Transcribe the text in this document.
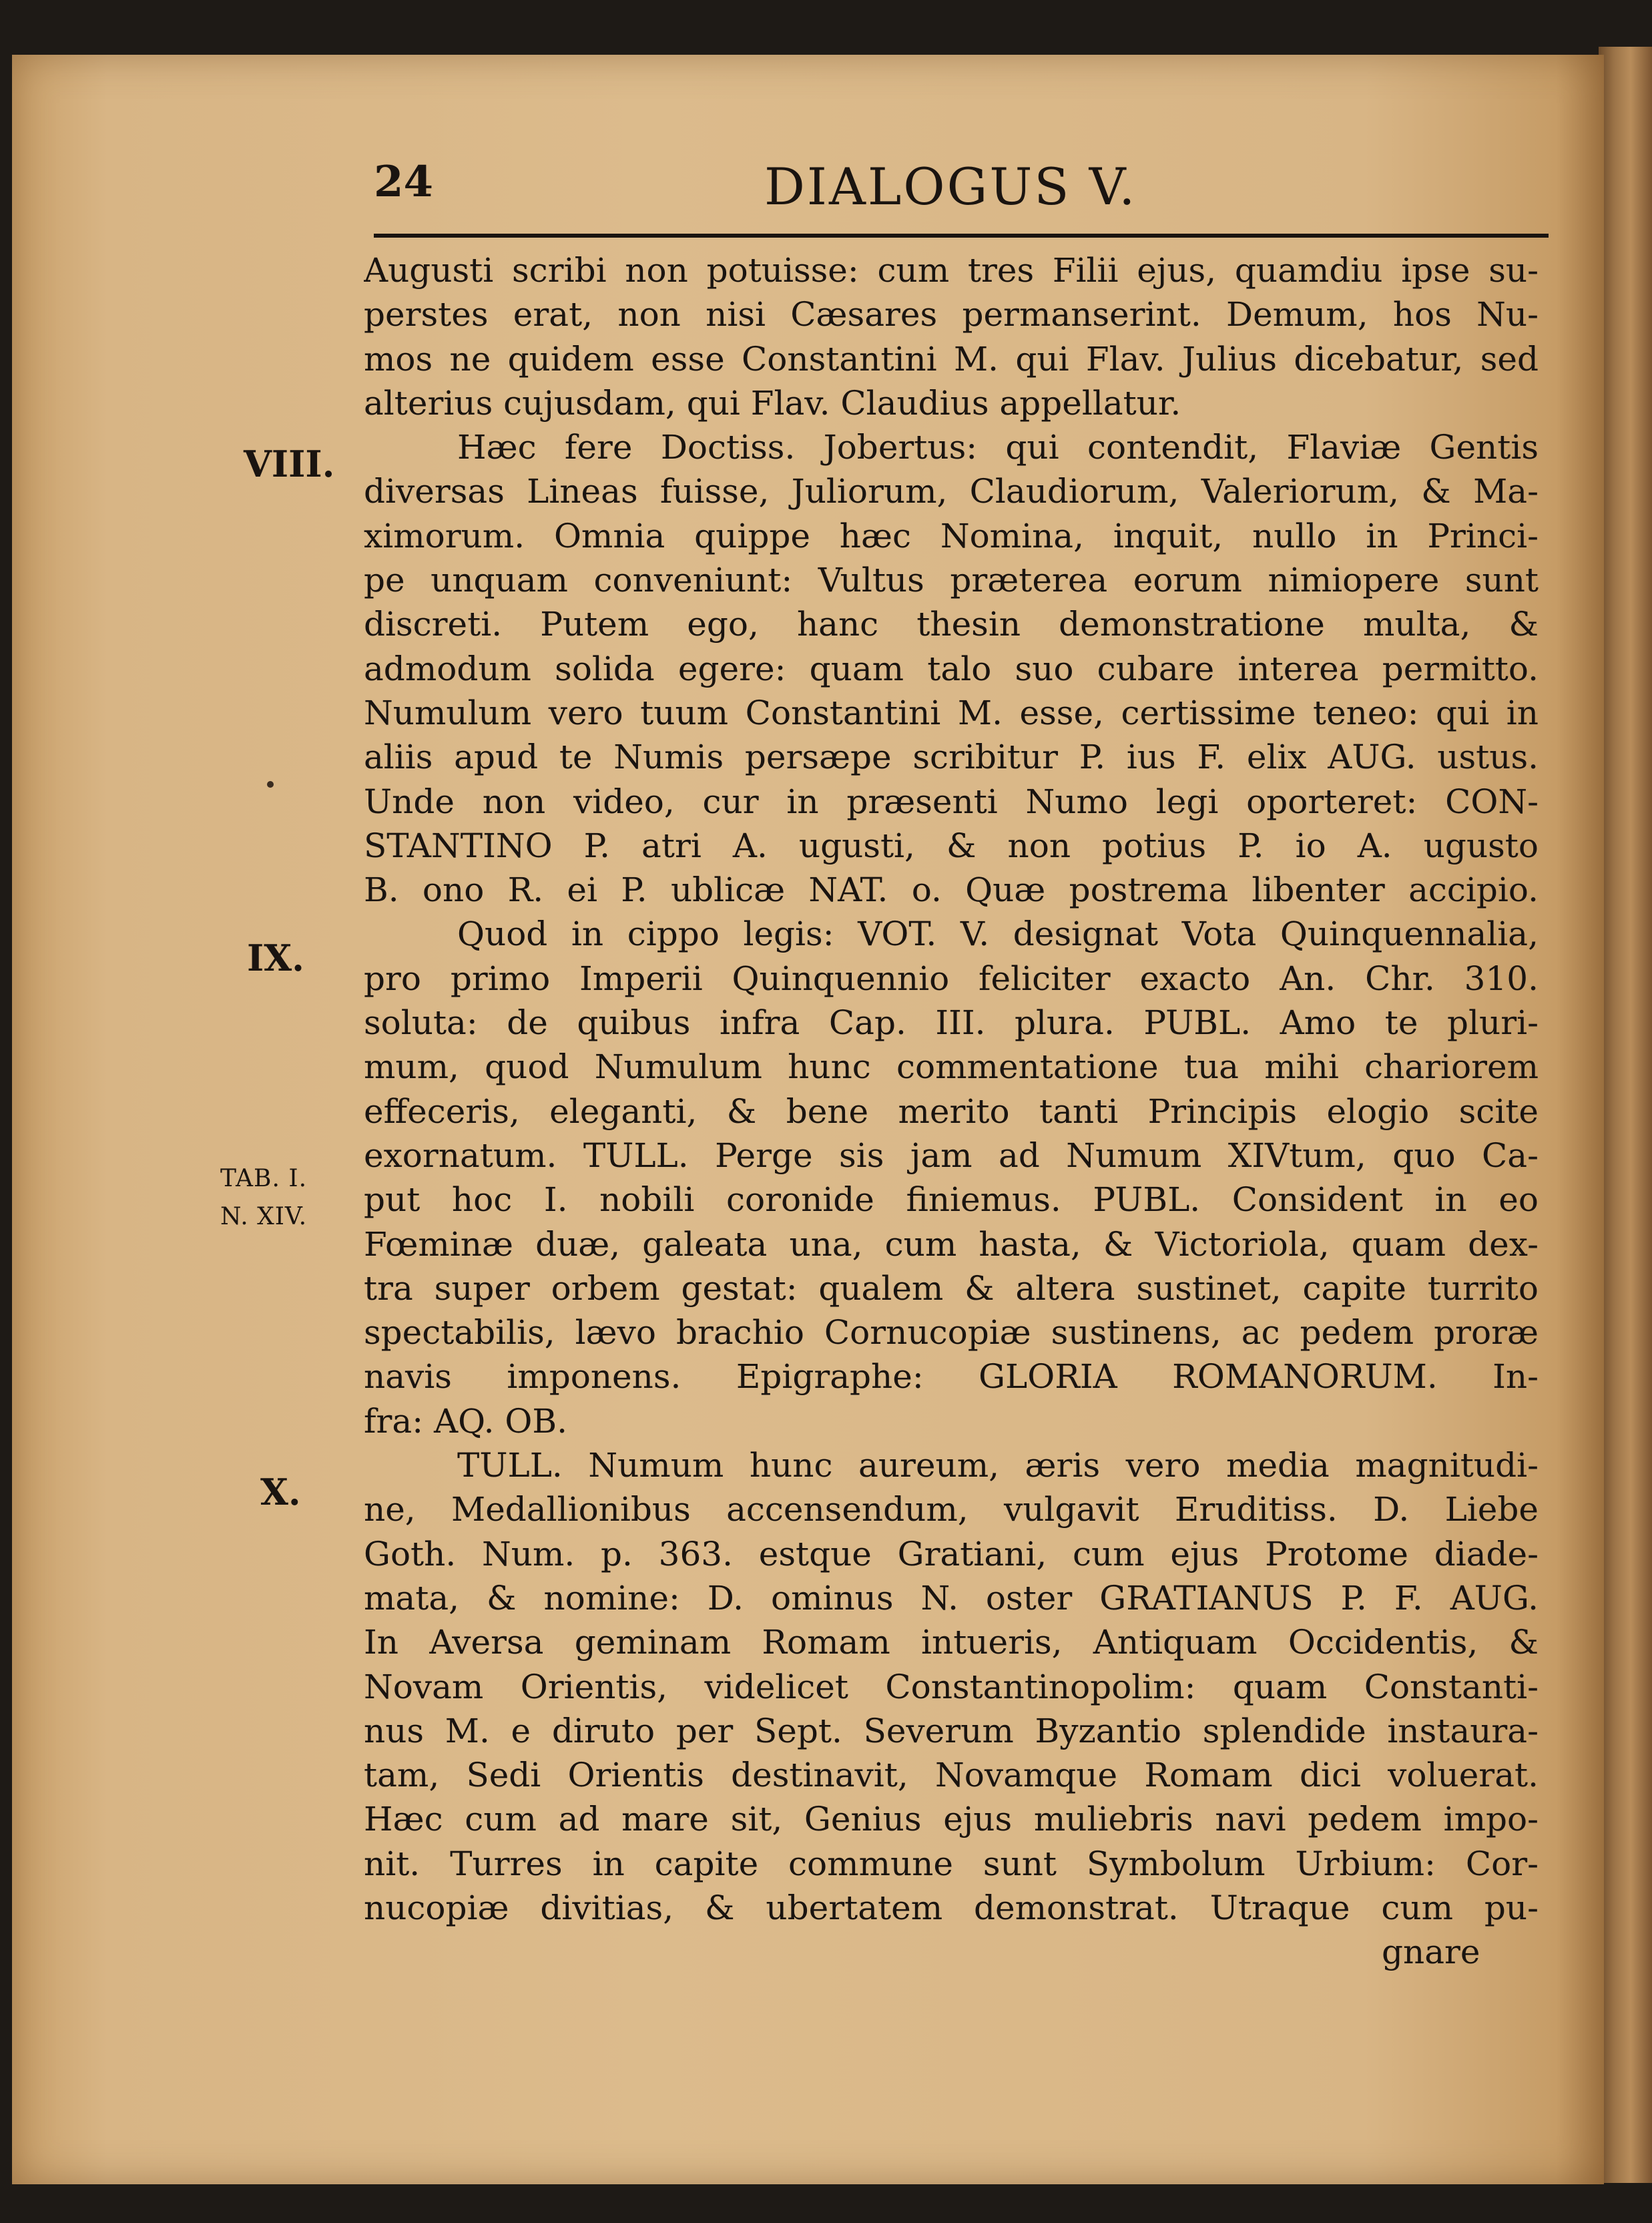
24	DIALOGUS V.
VIII.
IX.
TAB. I.
N. XIV.
X.
Augusti scribi non potuisse: cum tres Filii ejus, quamdiu ipse su-
perstes erat, non nisi Cæsares permanserint. Demum, hos Nu-
mos ne quidem esse Constantini M. qui Flav. Julius dicebatur, sed
alterius cujusdam, qui Flav. Claudius appellatur.
Hæc fere Doctiss. Jobertus: qui contendit, Flaviæ Gentis
diversas Lineas fuisse, Juliorum, Claudiorum, Valeriorum, & Ma-
ximorum. Omnia quippe hæc Nomina, inquit, nullo in Princi-
pe unquam conveniunt: Vultus præterea eorum nimiopere sunt
discreti. Putem ego, hanc thesin demonstratione multa, &
admodum solida egere: quam talo suo cubare interea permitto.
Numulum vero tuum Constantini M. esse, certissime teneo: qui in
aliis apud te Numis persæpe scribitur P. ius F. elix AUG. ustus.
Unde non video, cur in præsenti Numo legi oporteret: CON-
STANTINO P. atri A. ugusti, & non potius P. io A. ugusto
B. ono R. ei P. ublicæ NAT. o. Quæ postrema libenter accipio.
Quod in cippo legis: VOT. V. designat Vota Quinquennalia,
pro primo Imperii Quinquennio feliciter exacto An. Chr. 310.
soluta: de quibus infra Cap. III. plura. PUBL. Amo te pluri-
mum, quod Numulum hunc commentatione tua mihi chariorem
effeceris, eleganti, & bene merito tanti Principis elogio scite
exornatum. TULL. Perge sis jam ad Numum XIVtum, quo Ca-
put hoc I. nobili coronide finiemus. PUBL. Consident in eo
Fœminæ duæ, galeata una, cum hasta, & Victoriola, quam dex-
tra super orbem gestat: qualem & altera sustinet, capite turrito
spectabilis, lævo brachio Cornucopiæ sustinens, ac pedem proræ
navis imponens. Epigraphe: GLORIA ROMANORUM. In-
fra: AQ. OB.
TULL. Numum hunc aureum, æris vero media magnitudi-
ne, Medallionibus accensendum, vulgavit Eruditiss. D. Liebe
Goth. Num. p. 363. estque Gratiani, cum ejus Protome diade-
mata, & nomine: D. ominus N. oster GRATIANUS P. F. AUG.
In Aversa geminam Romam intueris, Antiquam Occidentis, &
Novam Orientis, videlicet Constantinopolim: quam Constanti-
nus M. e diruto per Sept. Severum Byzantio splendide instaura-
tam, Sedi Orientis destinavit, Novamque Romam dici voluerat.
Hæc cum ad mare sit, Genius ejus muliebris navi pedem impo-
nit. Turres in capite commune sunt Symbolum Urbium: Cor-
nucopiæ divitias, & ubertatem demonstrat. Utraque cum pu-
gnare
